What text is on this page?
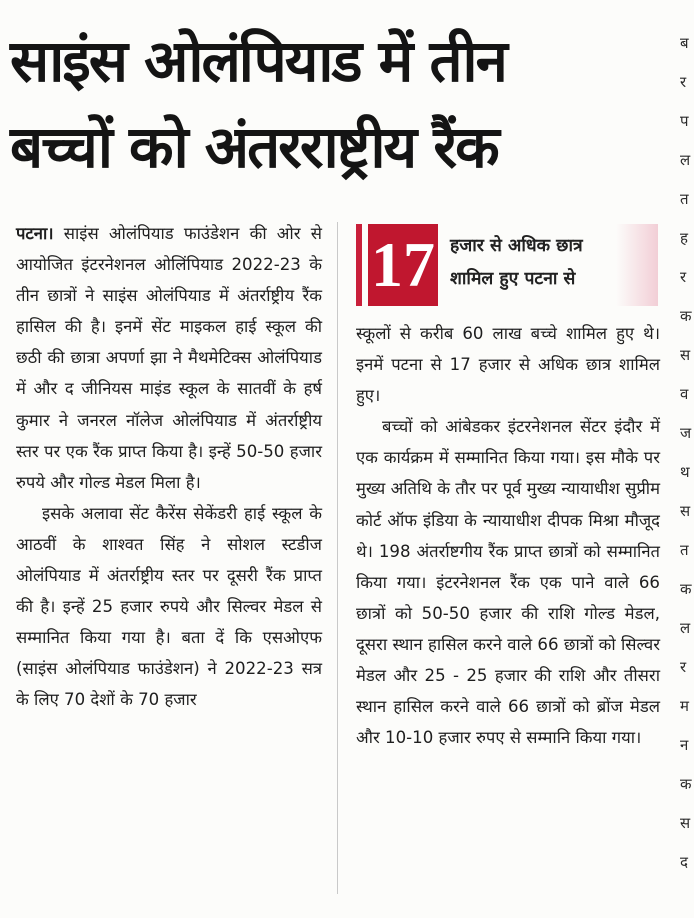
साइंस ओलंपियाड में तीन
बच्चों को अंतरराष्ट्रीय रैंक

पटना। साइंस ओलंपियाड फाउंडेशन की ओर से आयोजित इंटरनेशनल ओलिंपियाड 2022-23 के तीन छात्रों ने साइंस ओलंपियाड में अंतर्राष्ट्रीय रैंक हासिल की है। इनमें सेंट माइकल हाई स्कूल की छठी की छात्रा अपर्णा झा ने मैथमेटिक्स ओलंपियाड में और द जीनियस माइंड स्कूल के सातवीं के हर्ष कुमार ने जनरल नॉलेज ओलंपियाड में अंतर्राष्ट्रीय स्तर पर एक रैंक प्राप्त किया है। इन्हें 50-50 हजार रुपये और गोल्ड मेडल मिला है।

इसके अलावा सेंट कैरेंस सेकेंडरी हाई स्कूल के आठवीं के शाश्वत सिंह ने सोशल स्टडीज ओलंपियाड में अंतर्राष्ट्रीय स्तर पर दूसरी रैंक प्राप्त की है। इन्हें 25 हजार रुपये और सिल्वर मेडल से सम्मानित किया गया है। बता दें कि एसओएफ (साइंस ओलंपियाड फाउंडेशन) ने 2022-23 सत्र के लिए 70 देशों के 70 हजार

17 हजार से अधिक छात्र
शामिल हुए पटना से

स्कूलों से करीब 60 लाख बच्चे शामिल हुए थे। इनमें पटना से 17 हजार से अधिक छात्र शामिल हुए।

बच्चों को आंबेडकर इंटरनेशनल सेंटर इंदौर में एक कार्यक्रम में सम्मानित किया गया। इस मौके पर मुख्य अतिथि के तौर पर पूर्व मुख्य न्यायाधीश सुप्रीम कोर्ट ऑफ इंडिया के न्यायाधीश दीपक मिश्रा मौजूद थे। 198 अंतर्राष्टगीय रैंक प्राप्त छात्रों को सम्मानित किया गया। इंटरनेशनल रैंक एक पाने वाले 66 छात्रों को 50-50 हजार की राशि गोल्ड मेडल, दूसरा स्थान हासिल करने वाले 66 छात्रों को सिल्वर मेडल और 25 - 25 हजार की राशि और तीसरा स्थान हासिल करने वाले 66 छात्रों को ब्रोंज मेडल और 10-10 हजार रुपए से सम्मानि किया गया।

ब
र
प
ल
त
ह
र
क
स
व
ज
थ
स
त
क
ल
र
म
न
क
स
द
